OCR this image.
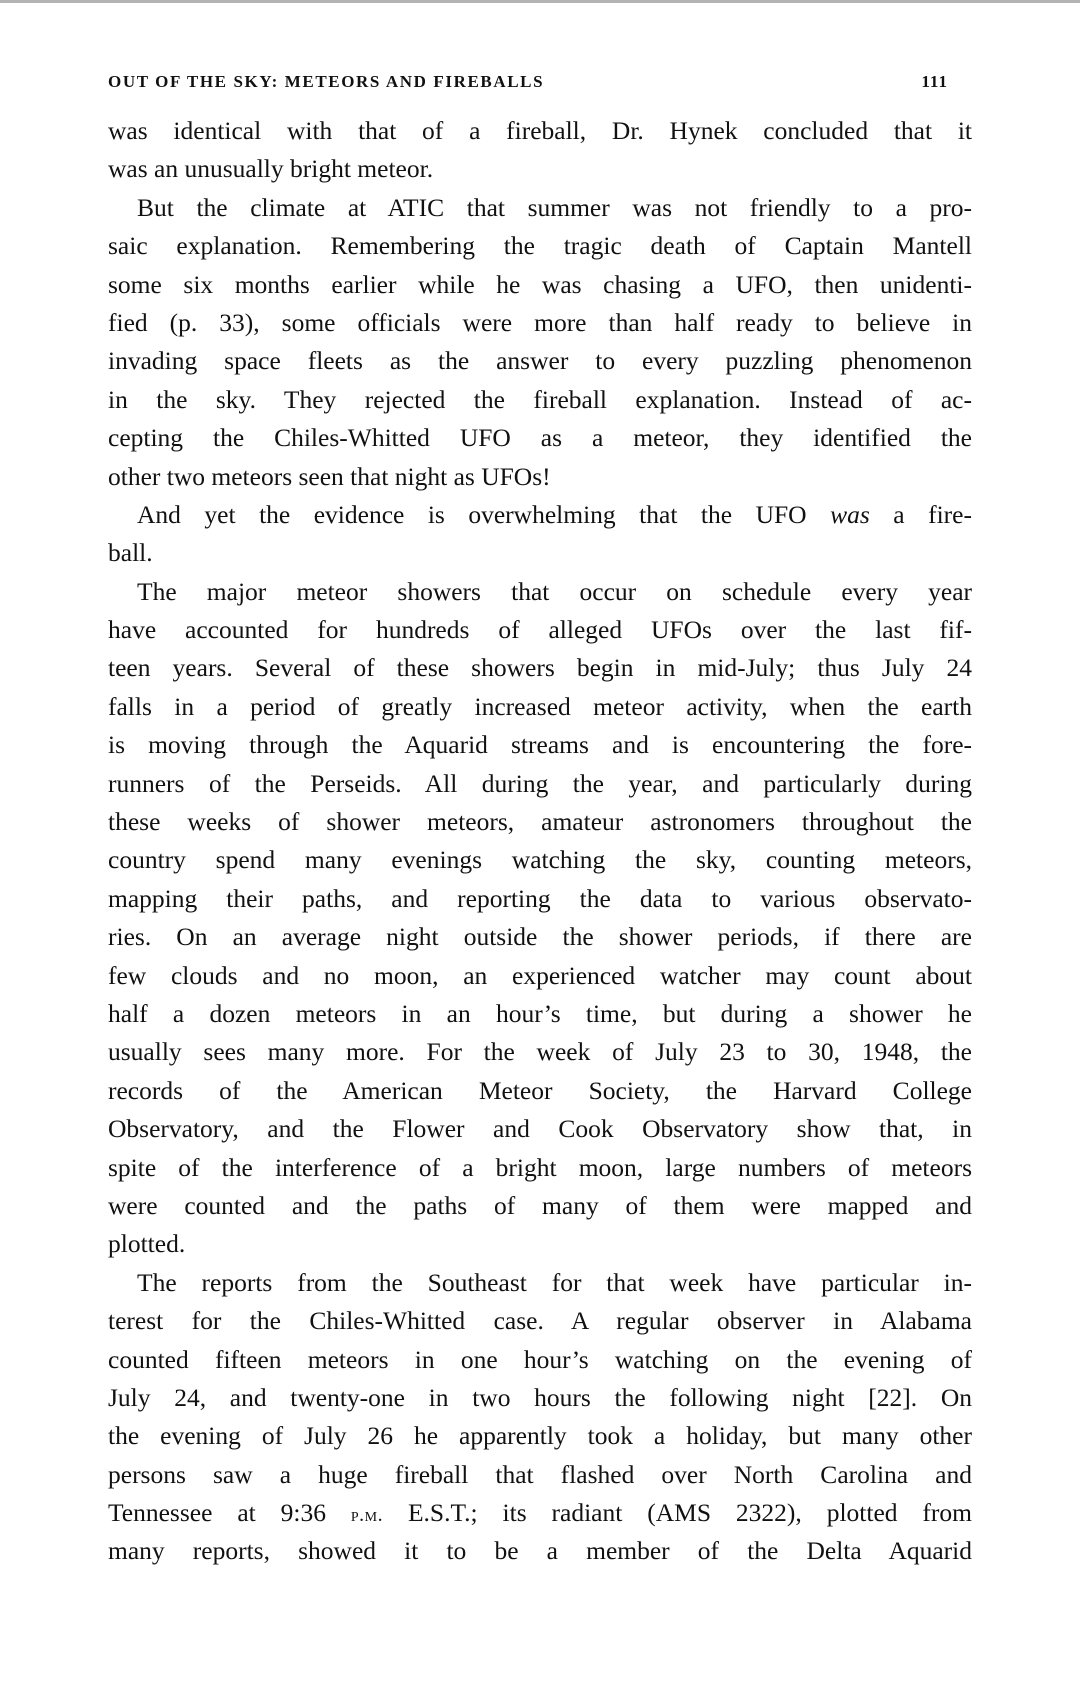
OUT OF THE SKY: METEORS AND FIREBALLS	111
was identical with that of a fireball, Dr. Hynek concluded that it
was an unusually bright meteor.
But the climate at ATIC that summer was not friendly to a pro-
saic explanation. Remembering the tragic death of Captain Mantell
some six months earlier while he was chasing a UFO, then unidenti-
fied (p. 33), some officials were more than half ready to believe in
invading space fleets as the answer to every puzzling phenomenon
in the sky. They rejected the fireball explanation. Instead of ac-
cepting the Chiles-Whitted UFO as a meteor, they identified the
other two meteors seen that night as UFOs!
And yet the evidence is overwhelming that the UFO was a fire-
ball.
The major meteor showers that occur on schedule every year
have accounted for hundreds of alleged UFOs over the last fif-
teen years. Several of these showers begin in mid-July; thus July 24
falls in a period of greatly increased meteor activity, when the earth
is moving through the Aquarid streams and is encountering the fore-
runners of the Perseids. All during the year, and particularly during
these weeks of shower meteors, amateur astronomers throughout the
country spend many evenings watching the sky, counting meteors,
mapping their paths, and reporting the data to various observato-
ries. On an average night outside the shower periods, if there are
few clouds and no moon, an experienced watcher may count about
half a dozen meteors in an hour’s time, but during a shower he
usually sees many more. For the week of July 23 to 30, 1948, the
records of the American Meteor Society, the Harvard College
Observatory, and the Flower and Cook Observatory show that, in
spite of the interference of a bright moon, large numbers of meteors
were counted and the paths of many of them were mapped and
plotted.
The reports from the Southeast for that week have particular in-
terest for the Chiles-Whitted case. A regular observer in Alabama
counted fifteen meteors in one hour’s watching on the evening of
July 24, and twenty-one in two hours the following night [22]. On
the evening of July 26 he apparently took a holiday, but many other
persons saw a huge fireball that flashed over North Carolina and
Tennessee at 9:36 p.m. E.S.T.; its radiant (AMS 2322), plotted from
many reports, showed it to be a member of the Delta Aquarid
